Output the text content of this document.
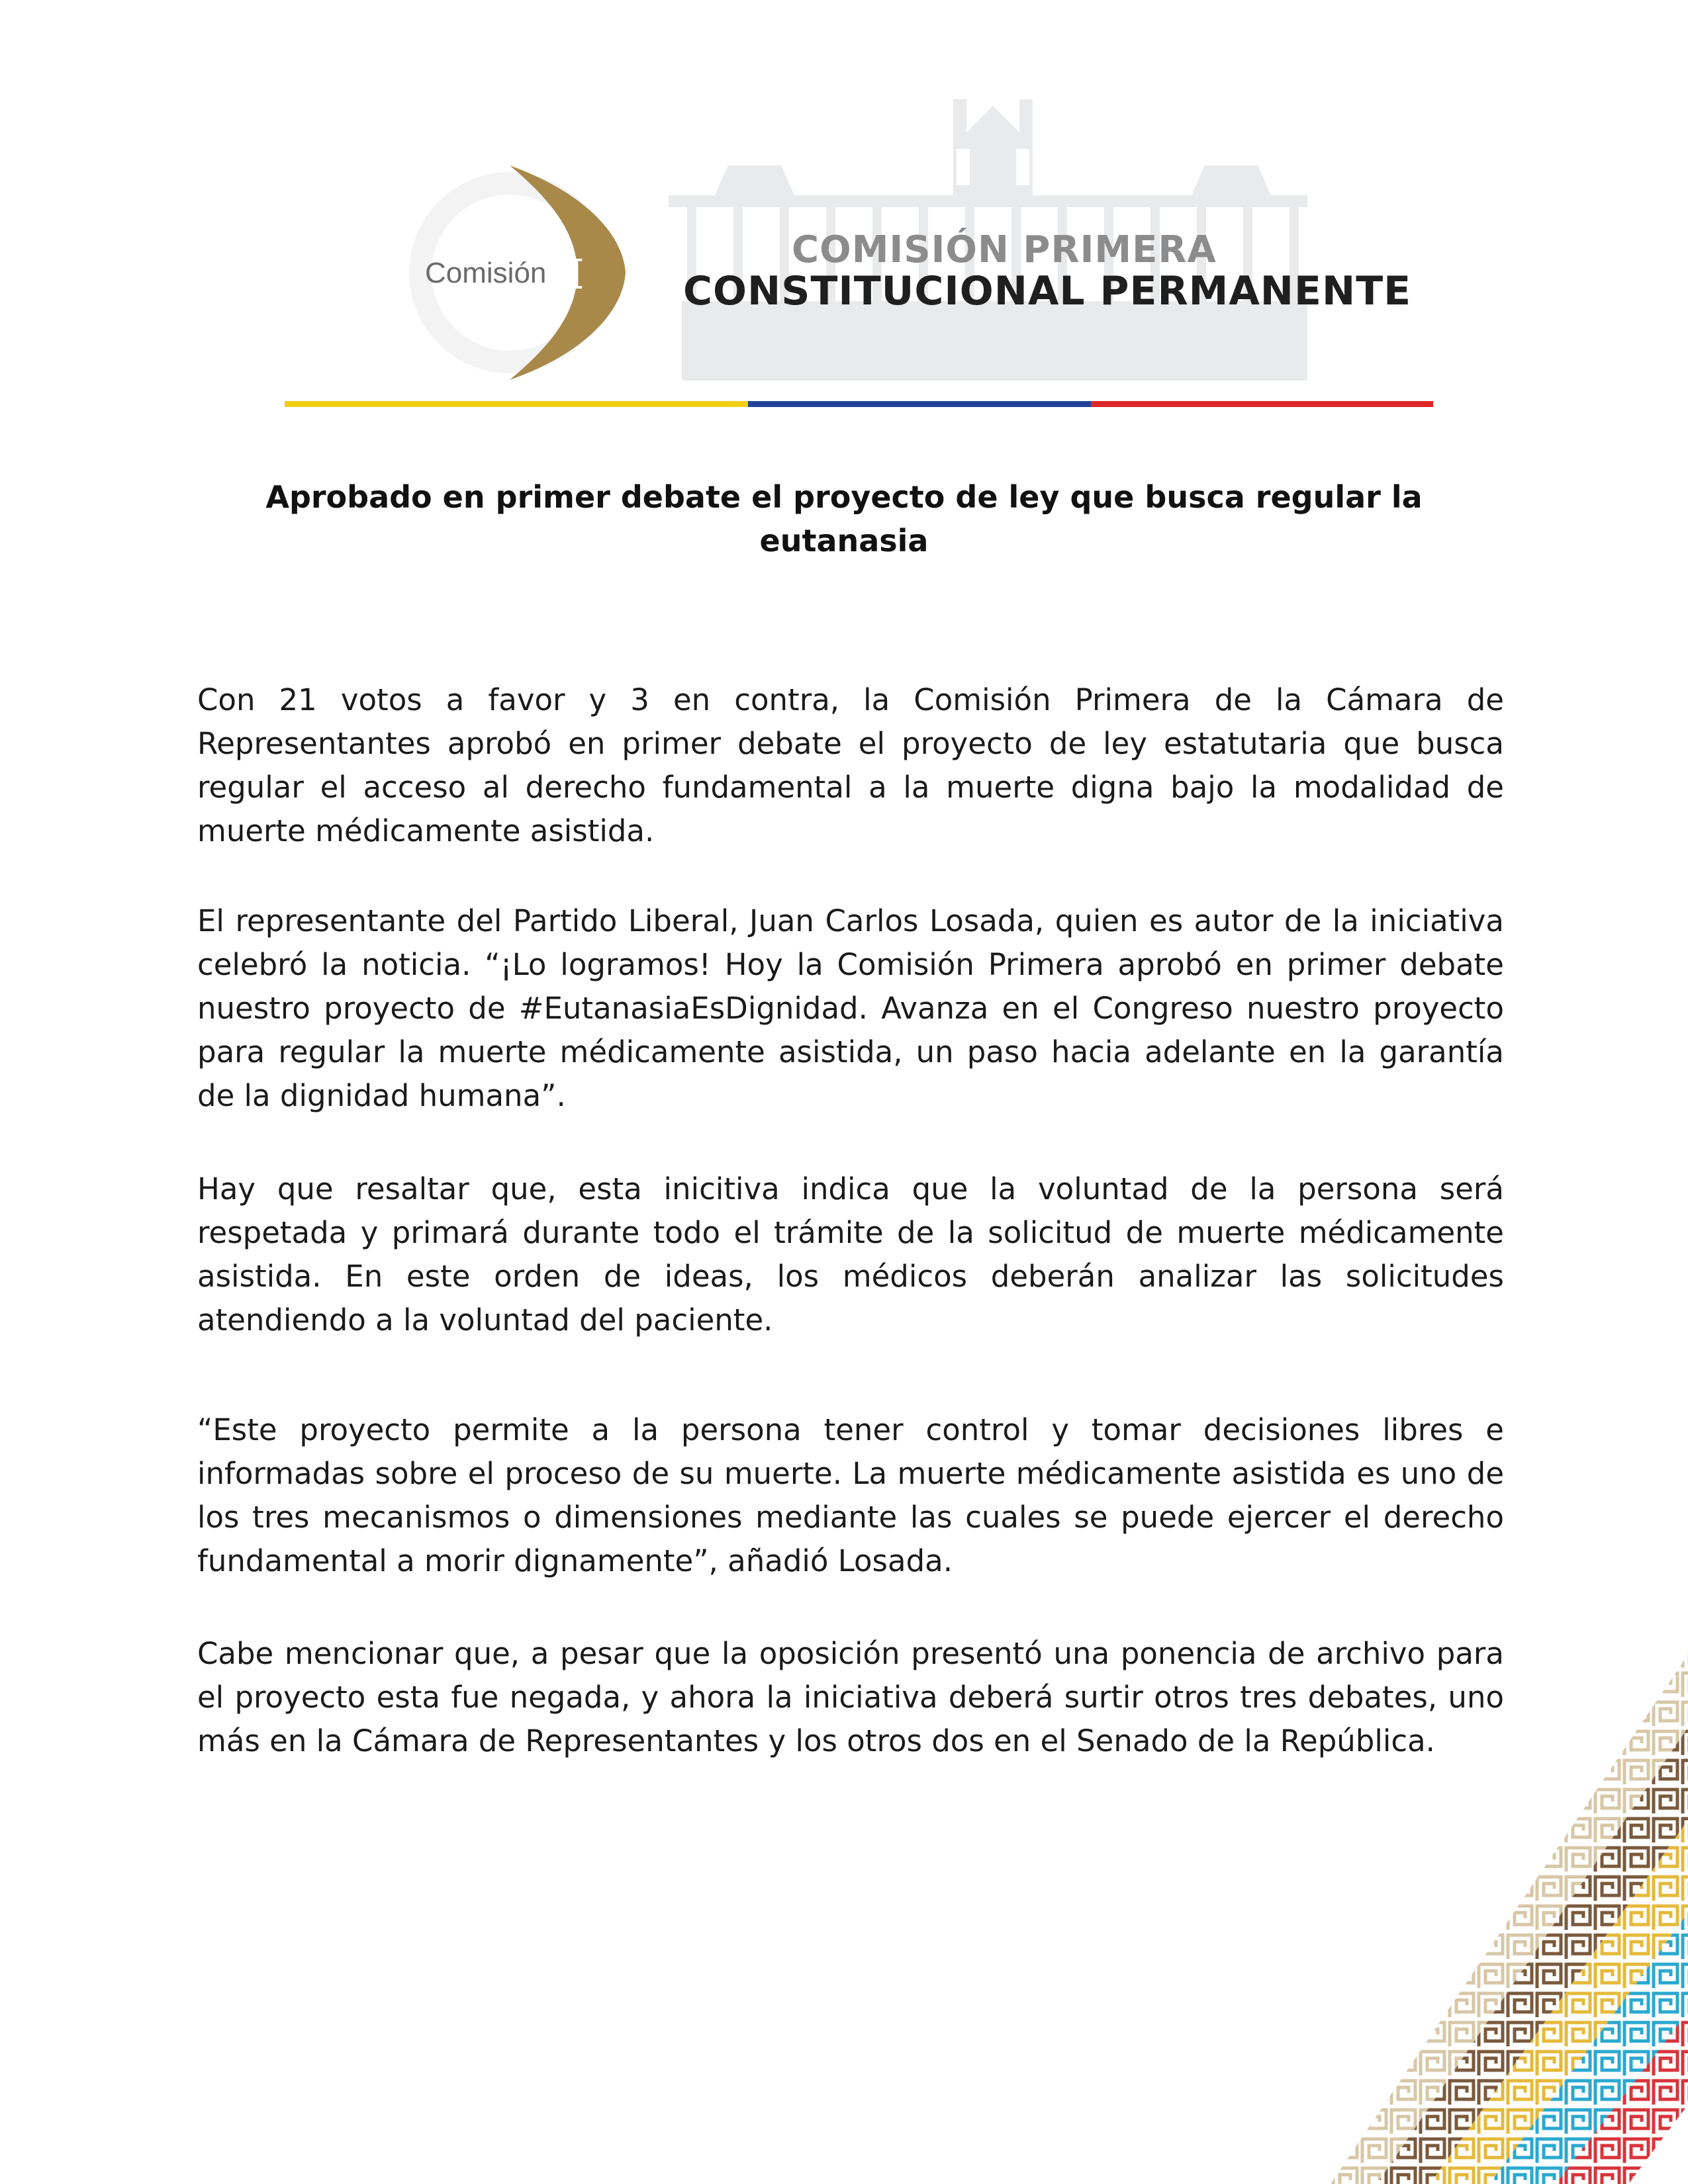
Comisión I
COMISIÓN PRIMERA
CONSTITUCIONAL PERMANENTE
Aprobado en primer debate el proyecto de ley que busca regular la eutanasia

Con 21 votos a favor y 3 en contra, la Comisión Primera de la Cámara de Representantes aprobó en primer debate el proyecto de ley estatutaria que busca regular el acceso al derecho fundamental a la muerte digna bajo la modalidad de muerte médicamente asistida.

El representante del Partido Liberal, Juan Carlos Losada, quien es autor de la iniciativa celebró la noticia. “¡Lo logramos! Hoy la Comisión Primera aprobó en primer debate nuestro proyecto de #EutanasiaEsDignidad. Avanza en el Congreso nuestro proyecto para regular la muerte médicamente asistida, un paso hacia adelante en la garantía de la dignidad humana”.

Hay que resaltar que, esta inicitiva indica que la voluntad de la persona será respetada y primará durante todo el trámite de la solicitud de muerte médicamente asistida. En este orden de ideas, los médicos deberán analizar las solicitudes atendiendo a la voluntad del paciente.

“Este proyecto permite a la persona tener control y tomar decisiones libres e informadas sobre el proceso de su muerte. La muerte médicamente asistida es uno de los tres mecanismos o dimensiones mediante las cuales se puede ejercer el derecho fundamental a morir dignamente”, añadió Losada.

Cabe mencionar que, a pesar que la oposición presentó una ponencia de archivo para el proyecto esta fue negada, y ahora la iniciativa deberá surtir otros tres debates, uno más en la Cámara de Representantes y los otros dos en el Senado de la República.
